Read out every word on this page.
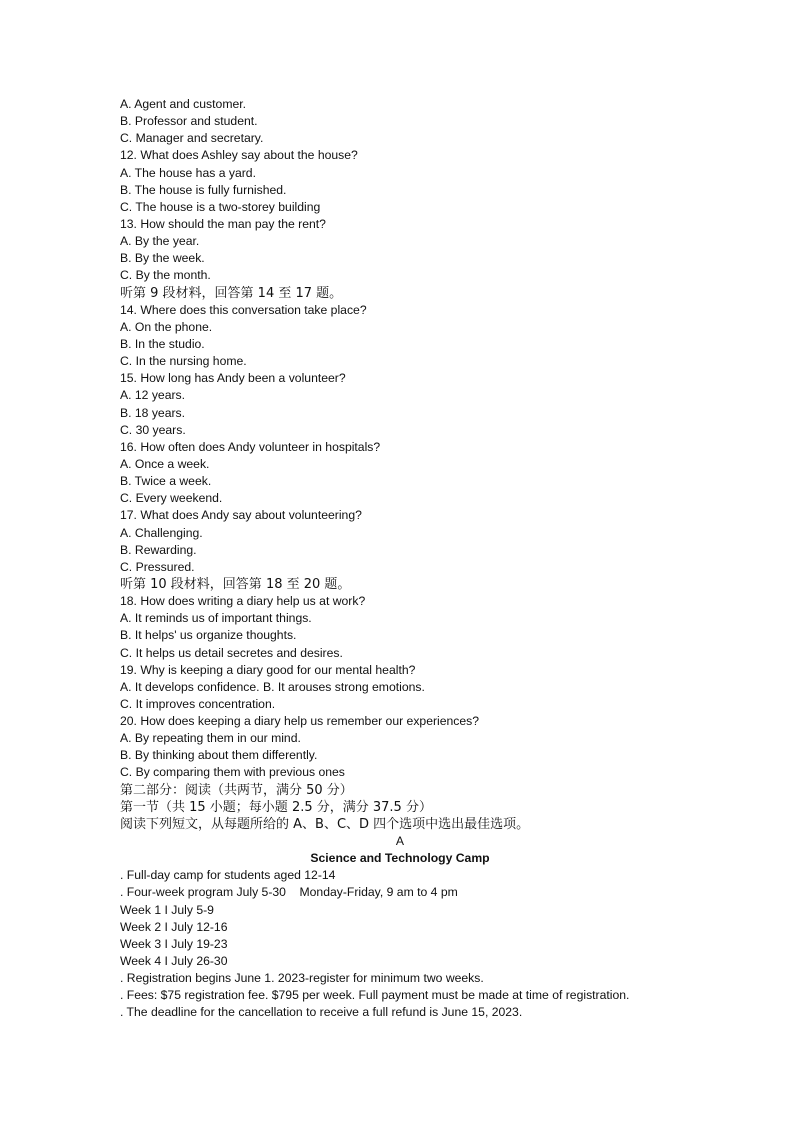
A. Agent and customer.
B. Professor and student.
C. Manager and secretary.
12. What does Ashley say about the house?
A. The house has a yard.
B. The house is fully furnished.
C. The house is a two-storey building
13. How should the man pay the rent?
A. By the year.
B. By the week.
C. By the month.
听第 9 段材料，回答第 14 至 17 题。
14. Where does this conversation take place?
A. On the phone.
B. In the studio.
C. In the nursing home.
15. How long has Andy been a volunteer?
A. 12 years.
B. 18 years.
C. 30 years.
16. How often does Andy volunteer in hospitals?
A. Once a week.
B. Twice a week.
C. Every weekend.
17. What does Andy say about volunteering?
A. Challenging.
B. Rewarding.
C. Pressured.
听第 10 段材料，回答第 18 至 20 题。
18. How does writing a diary help us at work?
A. It reminds us of important things.
B. It helps' us organize thoughts.
C. It helps us detail secretes and desires.
19. Why is keeping a diary good for our mental health?
A. It develops confidence. B. It arouses strong emotions.
C. It improves concentration.
20. How does keeping a diary help us remember our experiences?
A. By repeating them in our mind.
B. By thinking about them differently.
C. By comparing them with previous ones
第二部分：阅读（共两节，满分 50 分）
第一节（共 15 小题；每小题 2.5 分，满分 37.5 分）
阅读下列短文，从每题所给的 A、B、C、D 四个选项中选出最佳选项。
A
Science and Technology Camp
. Full-day camp for students aged 12-14
. Four-week program July 5-30    Monday-Friday, 9 am to 4 pm
Week 1 I July 5-9
Week 2 I July 12-16
Week 3 I July 19-23
Week 4 I July 26-30
. Registration begins June 1. 2023-register for minimum two weeks.
. Fees: $75 registration fee. $795 per week. Full payment must be made at time of registration.
. The deadline for the cancellation to receive a full refund is June 15, 2023.
